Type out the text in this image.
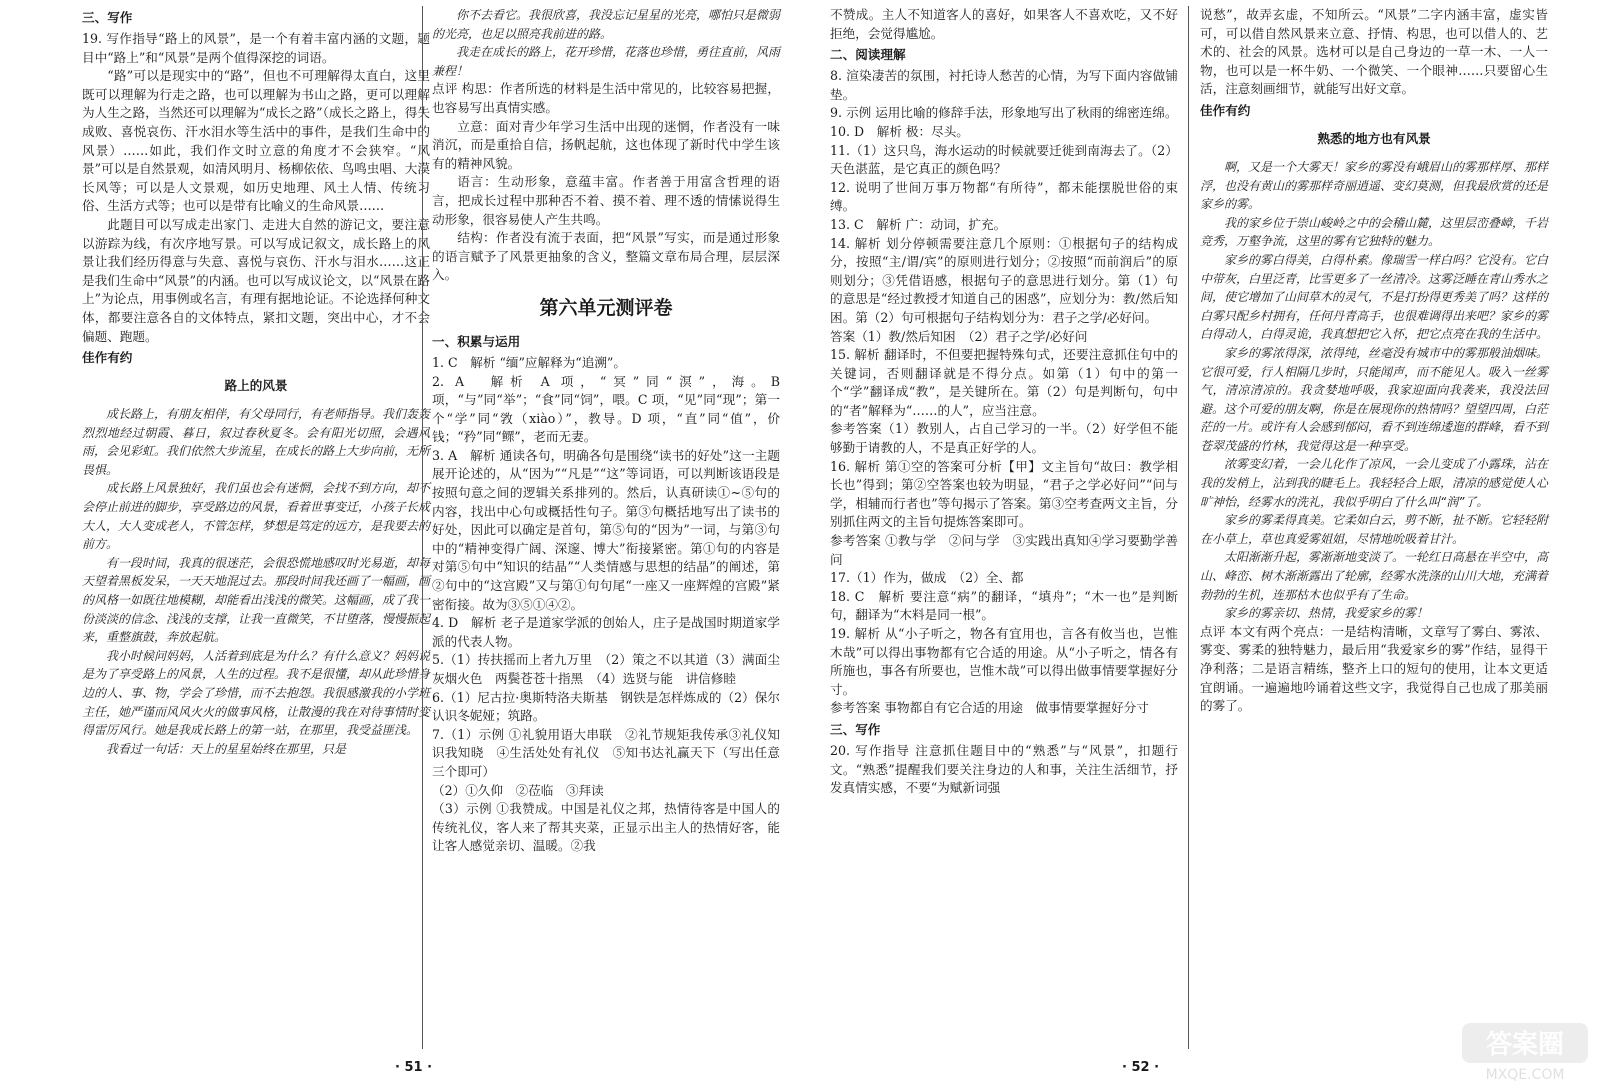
三、写作

19. 写作指导“路上的风景”，是一个有着丰富内涵的文题，题目中“路上”和“风景”是两个值得深挖的词语。

“路”可以是现实中的“路”，但也不可理解得太直白，这里既可以理解为行走之路，也可以理解为书山之路，更可以理解为人生之路，当然还可以理解为“成长之路”（成长之路上，得失成败、喜悦哀伤、汗水泪水等生活中的事件，是我们生命中的风景）……如此，我们作文时立意的角度才不会狭窄。“风景”可以是自然景观，如清风明月、杨柳依依、鸟鸣虫唱、大漠长风等；可以是人文景观，如历史地理、风土人情、传统习俗、生活方式等；也可以是带有比喻义的生命风景……

此题目可以写成走出家门、走进大自然的游记文，要注意以游踪为线，有次序地写景。可以写成记叙文，成长路上的风景让我们经历得意与失意、喜悦与哀伤、汗水与泪水……这正是我们生命中“风景”的内涵。也可以写成议论文，以“风景在路上”为论点，用事例或名言，有理有据地论证。不论选择何种文体，都要注意各自的文体特点，紧扣文题，突出中心，才不会偏题、跑题。

佳作有约
路上的风景

成长路上，有朋友相伴，有父母同行，有老师指导。我们轰轰烈烈地经过朝霞、暮日，叙过春秋夏冬。会有阳光切照，会遇风雨，会见彩虹。我们依然大步流星，在成长的路上大步向前，无所畏惧。

成长路上风景独好，我们虽也会有迷惘，会找不到方向，却不会停止前进的脚步，享受路边的风景，看着世事变迁，小孩子长成大人，大人变成老人，不管怎样，梦想是笃定的远方，是我要去的前方。

有一段时间，我真的很迷茫，会很恐慌地感叹时光易逝，却每天望着黑板发呆，一天天地混过去。那段时间我还画了一幅画，画的风格一如既往地模糊，却能看出浅浅的微笑。这幅画，成了我一份淡淡的信念、浅浅的支撑，让我一直微笑，不甘堕落，慢慢振起来，重整旗鼓，奔放起航。

我小时候问妈妈，人活着到底是为什么？有什么意义？妈妈说是为了享受路上的风景，人生的过程。我不是很懂，却从此珍惜身边的人、事、物，学会了珍惜，而不去抱怨。我很感激我的小学班主任，她严谨而风风火火的做事风格，让散漫的我在对待事情时变得雷厉风行。她是我成长路上的第一站，在那里，我受益匪浅。

我看过一句话：天上的星星始终在那里，只是

你不去看它。我很欣喜，我没忘记星星的光亮，哪怕只是微弱的光亮，也足以照亮我前进的路。

我走在成长的路上，花开珍惜，花落也珍惜，勇往直前，风雨兼程！

点评 构思：作者所选的材料是生活中常见的，比较容易把握，也容易写出真情实感。

立意：面对青少年学习生活中出现的迷惘，作者没有一味消沉，而是重拾自信，扬帆起航，这也体现了新时代中学生该有的精神风貌。

语言：生动形象，意蕴丰富。作者善于用富含哲理的语言，把成长过程中那种否不着、摸不着、理不透的情愫说得生动形象，很容易使人产生共鸣。

结构：作者没有流于表面，把“风景”写实，而是通过形象的语言赋予了风景更抽象的含义，整篇文章布局合理，层层深入。

第六单元测评卷
一、积累与运用

1. C　解析 “缅”应解释为“追溯”。

2. A　解析 A 项，“冥”同“溟”，海。B 项，“与”同“举”；“食”同“饲”，喂。C 项，“见”同“现”；第一个“学”同“敩（xiào）”，教导。D 项，“直”同“值”，价钱；“矜”同“鳏”，老而无妻。

3. A　解析 通读各句，明确各句是围绕“读书的好处”这一主题展开论述的，从“因为”“凡是”“这”等词语，可以判断该语段是按照句意之间的逻辑关系排列的。然后，认真研读①~⑤句的内容，找出中心句或概括性句子。第③句概括地写出了读书的好处，因此可以确定是首句，第⑤句的“因为”一词，与第③句中的“精神变得广阔、深邃、博大”衔接紧密。第①句的内容是对第⑤句中“知识的结晶”“人类情感与思想的结晶”的阐述，第②句中的“这宫殿”又与第①句句尾“一座又一座辉煌的宫殿”紧密衔接。故为③⑤①④②。

4. D　解析 老子是道家学派的创始人，庄子是战国时期道家学派的代表人物。

5.（1）抟扶摇而上者九万里　（2）策之不以其道（3）满面尘灰烟火色　两鬓苍苍十指黑　（4）选贤与能　讲信修睦

6.（1）尼古拉·奥斯特洛夫斯基　钢铁是怎样炼成的（2）保尔 认识冬妮娅；筑路。

7.（1）示例 ①礼貌用语大串联　②礼节规矩我传承③礼仪知识我知晓　④生活处处有礼仪　⑤知书达礼赢天下（写出任意三个即可）

（2）①久仰　②莅临　③拜读

（3）示例 ①我赞成。中国是礼仪之邦，热情待客是中国人的传统礼仪，客人来了帮其夹菜，正显示出主人的热情好客，能让客人感觉亲切、温暖。②我

· 51 ·

不赞成。主人不知道客人的喜好，如果客人不喜欢吃，又不好拒绝，会觉得尴尬。

二、阅读理解

8. 渲染凄苦的氛围，衬托诗人愁苦的心情，为写下面内容做铺垫。

9. 示例 运用比喻的修辞手法，形象地写出了秋雨的绵密连绵。

10. D　解析 极：尽头。

11.（1）这只鸟，海水运动的时候就要迁徙到南海去了。（2）天色湛蓝，是它真正的颜色吗？

12. 说明了世间万事万物都“有所待”，都未能摆脱世俗的束缚。

13. C　解析 广：动词，扩充。

14. 解析 划分停顿需要注意几个原则：①根据句子的结构成分，按照“主/谓/宾”的原则进行划分；②按照“而前润后”的原则划分；③凭借语感，根据句子的意思进行划分。第（1）句的意思是“经过教授才知道自己的困惑”，应划分为：教/然后知困。第（2）句可根据句子结构划分为：君子之学/必好问。

答案（1）教/然后知困　（2）君子之学/必好问

15. 解析 翻译时，不但要把握特殊句式，还要注意抓住句中的关键词，否则翻译就是不得分点。如第（1）句中的第一个“学”翻译成“教”，是关键所在。第（2）句是判断句，句中的“者”解释为“……的人”，应当注意。

参考答案（1）教别人，占自己学习的一半。（2）好学但不能够勤于请教的人，不是真正好学的人。

16. 解析 第①空的答案可分析【甲】文主旨句“故曰：教学相长也”得到；第②空答案也较为明显，“君子之学必好问”“问与学，相辅而行者也”等句揭示了答案。第③空考查两文主旨，分别抓住两文的主旨句提炼答案即可。

参考答案 ①教与学　②问与学　③实践出真知④学习要勤学善问

17.（1）作为，做成　（2）全、都

18. C　解析 要注意“病”的翻译，“填舟”；“木一也”是判断句，翻译为“木料是同一根”。

19. 解析 从“小子听之，物各有宜用也，言各有攸当也，岂惟木哉”可以得出事物都有它合适的用途。从“小子听之，情各有所施也，事各有所要也，岂惟木哉”可以得出做事情要掌握好分寸。

参考答案 事物都自有它合适的用途　做事情要掌握好分寸

三、写作

20. 写作指导 注意抓住题目中的“熟悉”与“风景”，扣题行文。“熟悉”提醒我们要关注身边的人和事，关注生活细节，抒发真情实感，不要“为赋新词强

说愁”，故弄玄虚，不知所云。“风景”二字内涵丰富，虚实皆可，可以借自然风景来立意、抒情、构思，也可以借人的、艺术的、社会的风景。选材可以是自己身边的一草一木、一人一物，也可以是一杯牛奶、一个微笑、一个眼神……只要留心生活，注意刻画细节，就能写出好文章。

佳作有约
熟悉的地方也有风景

啊，又是一个大雾天！家乡的雾没有峨眉山的雾那样厚、那样浮，也没有黄山的雾那样奇丽逍遥、变幻莫测，但我最欣赏的还是家乡的雾。

我的家乡位于崇山峻岭之中的会稽山麓，这里层峦叠嶂，千岩竞秀，万壑争流，这里的雾有它独特的魅力。

家乡的雾白得美，白得朴素。像瑞雪一样白吗？它没有。它白中带灰，白里泛青，比雪更多了一丝清冷。这雾泛睡在青山秀水之间，使它增加了山间草木的灵气，不是打扮得更秀美了吗？这样的白雾只配乡村拥有，任何丹青高手，也很难调得出来吧？家乡的雾白得动人，白得灵诡，我真想把它入怀，把它点亮在我的生活中。

家乡的雾浓得深，浓得纯，丝毫没有城市中的雾那般油烟味。它很可爱，行人相隔几步时，只能闻声，而不能见人。吸入一丝雾气，清凉清凉的。我贪婪地呼吸，我家迎面向我袭来，我没法回避。这个可爱的朋友啊，你是在展现你的热情吗？望望四周，白茫茫的一片。或许有人会感到郁闷，看不到连绵逶迤的群峰，看不到苍翠茂盛的竹林，我觉得这是一种享受。

浓雾变幻着，一会儿化作了凉风，一会儿变成了小露珠，沾在我的发梢上，沾到我的睫毛上。我轻轻合上眼，清凉的感觉使人心旷神怡，经雾水的洗礼，我似乎明白了什么叫“润”了。

家乡的雾柔得真美。它柔如白云，剪不断，扯不断。它轻轻附在小草上，草也真爱雾姐姐，尽情地吮吸着甘汁。

太阳渐渐升起，雾渐渐地变淡了。一轮红日高悬在半空中，高山、峰峦、树木渐渐露出了轮廓，经雾水洗涤的山川大地，充满着勃勃的生机，连那枯木也似乎有了生命。

家乡的雾亲切、热情，我爱家乡的雾！

点评 本文有两个亮点：一是结构清晰，文章写了雾白、雾浓、雾变、雾柔的独特魅力，最后用“我爱家乡的雾”作结，显得干净利落；二是语言精练，整齐上口的短句的使用，让本文更适宜朗诵。一遍遍地吟诵着这些文字，我觉得自己也成了那美丽的雾了。

· 52 ·
答案圈
MXQE.COM
